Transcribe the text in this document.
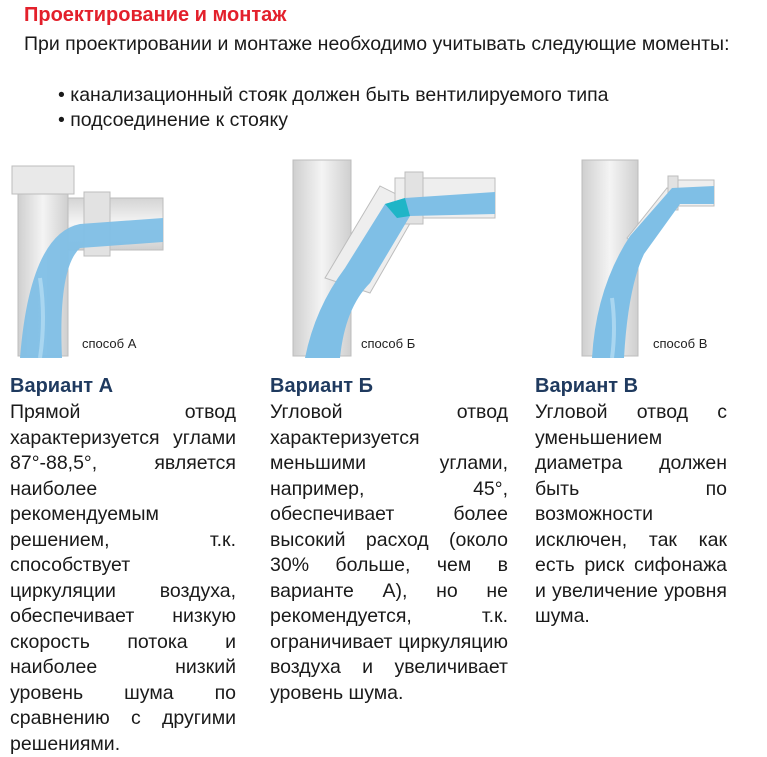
Проектирование и монтаж

При проектировании и монтаже необходимо учитывать следующие моменты:

• канализационный стояк должен быть вентилируемого типа
• подсоединение к стояку
способ А	способ Б	способ В
Вариант А

Прямой отвод характеризуется углами 87°-88,5°, является наиболее рекомендуемым решением, т.к. способствует циркуляции воздуха, обеспечивает низкую скорость потока и наиболее низкий уровень шума по сравнению с другими решениями.

Вариант Б

Угловой отвод характеризуется меньшими углами, например, 45°, обеспечивает более высокий расход (около 30% больше, чем в варианте А), но не рекомендуется, т.к. ограничивает циркуляцию воздуха и увеличивает уровень шума.

Вариант В

Угловой отвод с уменьшением диаметра должен быть по возможности исключен, так как есть риск сифонажа и увеличение уровня шума.
